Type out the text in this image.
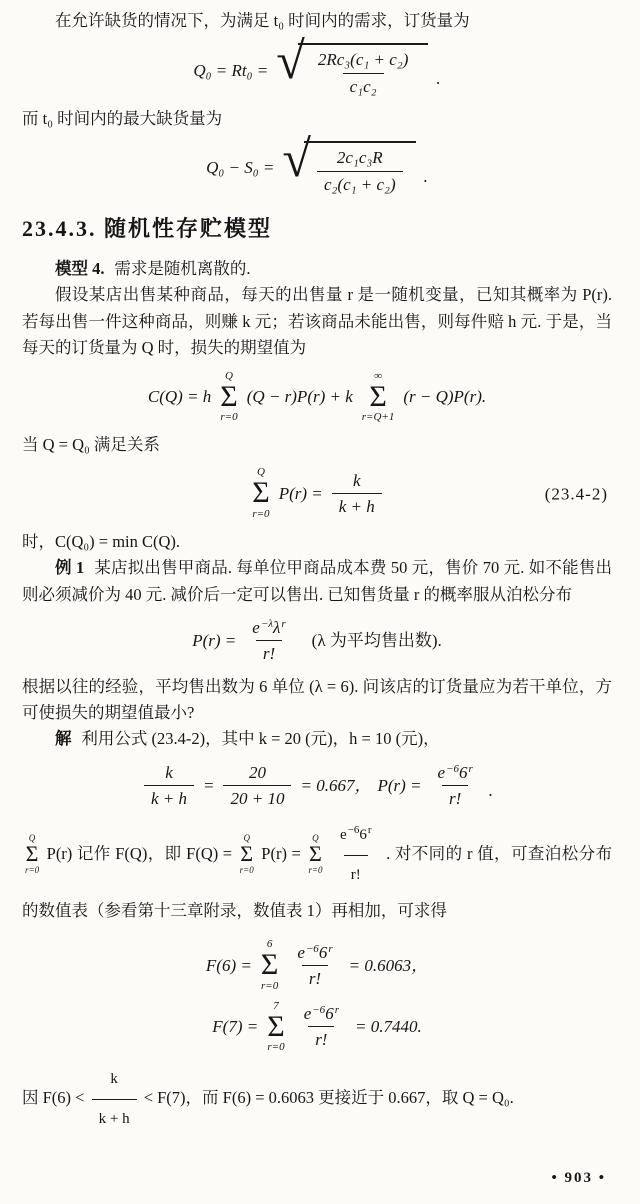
在允许缺货的情况下，为满足 t₀ 时间内的需求，订货量为

Q₀ = Rt₀ = √ $\frac{\text{2Rc₃(c₁ + c₂)}}{\text{c₁c₂}}$ .

而 t₀ 时间内的最大缺货量为

Q₀ − S₀ = √ $\frac{\text{2c₁c₃R}}{\text{c₂(c₁ + c₂)}}$ .

23.4.3. 随机性存贮模型

模型 4. 需求是随机离散的.

假设某店出售某种商品，每天的出售量 r 是一随机变量，已知其概率为 P(r). 若每出售一件这种商品，则赚 k 元；若该商品未能出售，则每件赔 h 元. 于是，当每天的订货量为 Q 时，损失的期望值为

C(Q) = h
Q
Σ
r=0
(Q − r)P(r) + k
∞
Σ
r=Q+1
(r − Q)P(r).

当 Q = Q₀ 满足关系

Q
Σ
r=0
$P(r) = \frac{k}{k + h}$	(23.4-2)

时，C(Q₀) = min C(Q).

例 1 某店拟出售甲商品. 每单位甲商品成本费 50 元，售价 70 元. 如不能售出则必须减价为 40 元. 减价后一定可以售出. 已知售货量 r 的概率服从泊松分布

$P(r) = \frac{e^{-\lambda}\lambda^r}{r!} (\lambda$ 为平均售出数).

根据以往的经验，平均售出数为 6 单位 (λ = 6). 问该店的订货量应为若干单位，方可使损失的期望值最小?

解 利用公式 (23.4-2)，其中 k = 20 (元)，h = 10 (元)，

$\frac{k}{k + h} = \frac{20}{20 + 10} = 0.667$， $P(r) = \frac{e^{-6}6^r}{r!}$ .

Q
Σ
r=0
P(r) 记作 F(Q)，即 F(Q) =
Q
Σ
r=0
P(r) =
Q
Σ
r=0
$\frac{e^{-6}6^r}{r!}$ . 对不同的 r 值，可查泊松分布的数值表（参看第十三章附录，数值表 1）再相加，可求得

F(6) =
6
Σ
$r=0 \frac{e^{-6}6^r}{r!} = 0.6063$，
F(7) =
7
Σ
$r=0 \frac{e^{-6}6^r}{r!} = 0.7440$.

因 $F(6) < \frac{k}{k + h} < F(7)$，而 F(6) = 0.6063 更接近于 0.667，取 Q = Q₀.

• 903 •
